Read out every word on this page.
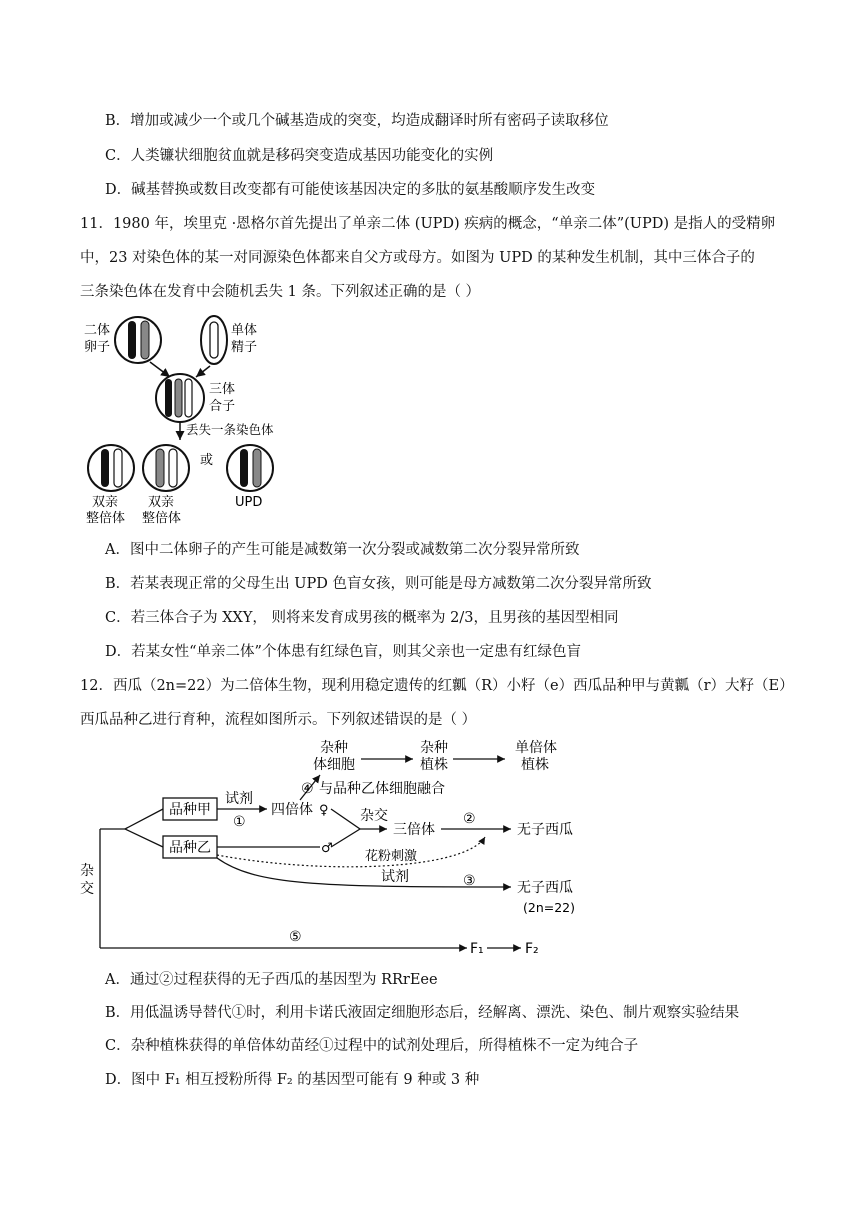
B．增加或减少一个或几个碱基造成的突变，均造成翻译时所有密码子读取移位
C．人类镰状细胞贫血就是移码突变造成基因功能变化的实例
D．碱基替换或数目改变都有可能使该基因决定的多肽的氨基酸顺序发生改变
11．1980 年，埃里克 ·恩格尔首先提出了单亲二体 (UPD) 疾病的概念，“单亲二体”(UPD) 是指人的受精卵
中，23 对染色体的某一对同源染色体都来自父方或母方。如图为 UPD 的某种发生机制，其中三体合子的
三条染色体在发育中会随机丢失 1 条。下列叙述正确的是（ ）
二体
卵子
单体
精子
三体
合子
丢失一条染色体
或
双亲
整倍体
双亲
整倍体
UPD
A．图中二体卵子的产生可能是减数第一次分裂或减数第二次分裂异常所致
B．若某表现正常的父母生出 UPD 色盲女孩，则可能是母方减数第二次分裂异常所致
C．若三体合子为 XXY， 则将来发育成男孩的概率为 2/3，且男孩的基因型相同
D．若某女性“单亲二体”个体患有红绿色盲，则其父亲也一定患有红绿色盲
12．西瓜（2n=22）为二倍体生物，现利用稳定遗传的红瓤（R）小籽（e）西瓜品种甲与黄瓤（r）大籽（E）
西瓜品种乙进行育种，流程如图所示。下列叙述错误的是（ ）
杂种
体细胞
杂种
植株
单倍体
植株
④ 与品种乙体细胞融合
品种甲
品种乙
杂
交
试剂
①
四倍体 ♀
♂
杂交
三倍体
②
无子西瓜
花粉刺激
试剂	③	无子西瓜
(2n=22)
⑤
F₁	F₂
A．通过②过程获得的无子西瓜的基因型为 RRrEee
B．用低温诱导替代①时，利用卡诺氏液固定细胞形态后，经解离、漂洗、染色、制片观察实验结果
C．杂种植株获得的单倍体幼苗经①过程中的试剂处理后，所得植株不一定为纯合子
D．图中 F₁ 相互授粉所得 F₂ 的基因型可能有 9 种或 3 种
